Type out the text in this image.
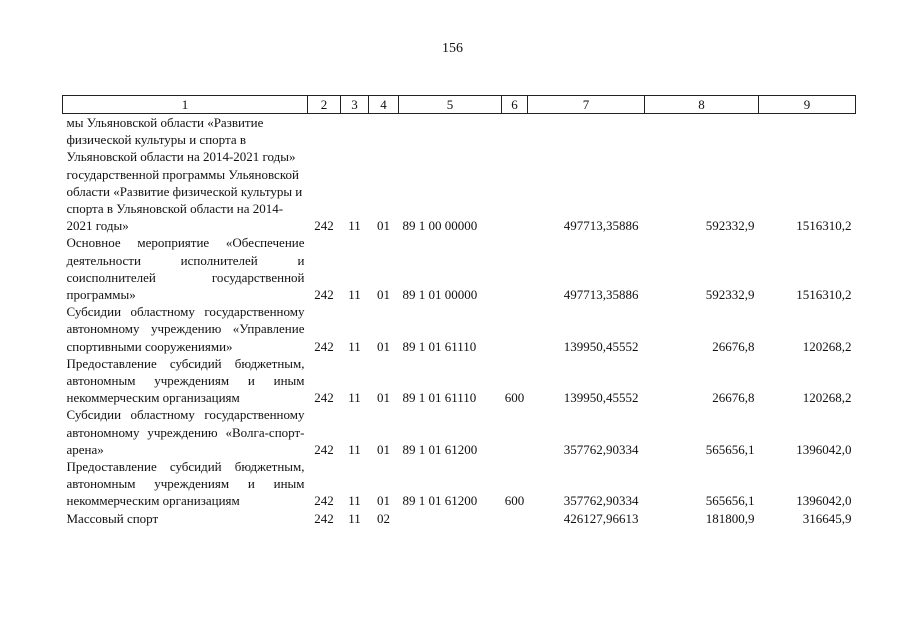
156
1	2	3	4	5	6	7	8	9

мы Ульяновской области «Развитие физической культуры и спорта в Ульяновской области на 2014-2021 годы» государственной программы Ульяновской области «Развитие физической культуры и спорта в Ульяновской области на 2014-2021 годы»	242	11	01	89 1 00 00000		497713,35886	592332,9	1516310,2

Основное мероприятие «Обеспечение деятельности исполнителей и соисполнителей государственной программы»	242	11	01	89 1 01 00000		497713,35886	592332,9	1516310,2

Субсидии областному государственному автономному учреждению «Управление спортивными сооружениями»	242	11	01	89 1 01 61110		139950,45552	26676,8	120268,2

Предоставление субсидий бюджетным, автономным учреждениям и иным некоммерческим организациям	242	11	01	89 1 01 61110	600	139950,45552	26676,8	120268,2

Субсидии областному государственному автономному учреждению «Волга-спорт-арена»	242	11	01	89 1 01 61200		357762,90334	565656,1	1396042,0

Предоставление субсидий бюджетным, автономным учреждениям и иным некоммерческим организациям	242	11	01	89 1 01 61200	600	357762,90334	565656,1	1396042,0

Массовый спорт	242	11	02			426127,96613	181800,9	316645,9
